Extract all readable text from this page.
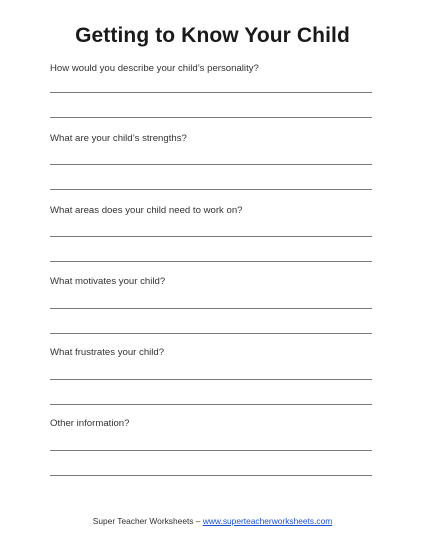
Getting to Know Your Child
How would you describe your child’s personality?
What are your child’s strengths?
What areas does your child need to work on?
What motivates your child?
What frustrates your child?
Other information?
Super Teacher Worksheets – www.superteacherworksheets.com
